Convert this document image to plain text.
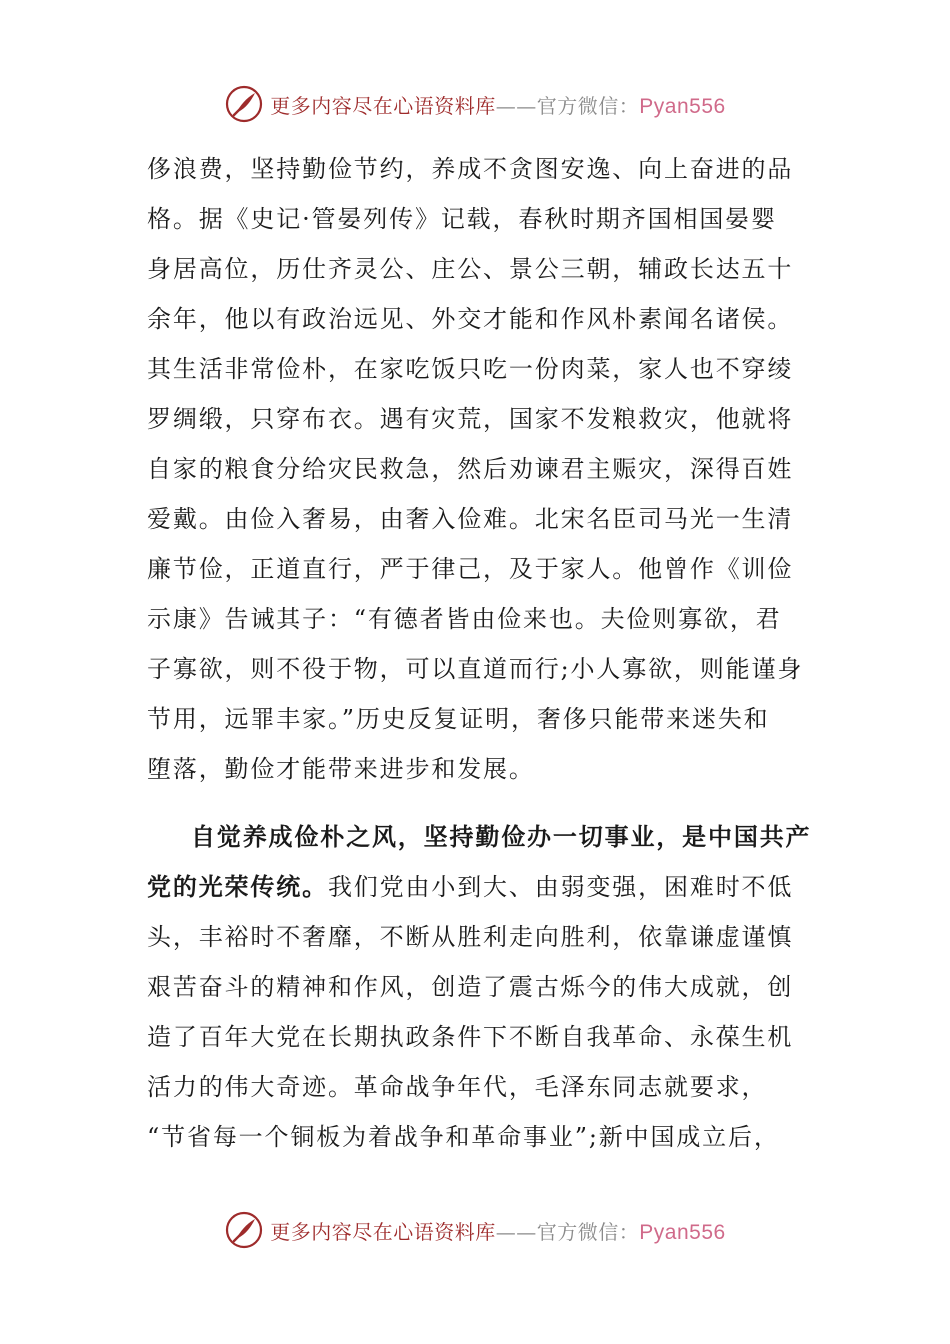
更多内容尽在心语资料库——官方微信：Pyan556

侈浪费，坚持勤俭节约，养成不贪图安逸、向上奋进的品
格。据《史记·管晏列传》记载，春秋时期齐国相国晏婴
身居高位，历仕齐灵公、庄公、景公三朝，辅政长达五十
余年，他以有政治远见、外交才能和作风朴素闻名诸侯。
其生活非常俭朴，在家吃饭只吃一份肉菜，家人也不穿绫
罗绸缎，只穿布衣。遇有灾荒，国家不发粮救灾，他就将
自家的粮食分给灾民救急，然后劝谏君主赈灾，深得百姓
爱戴。由俭入奢易，由奢入俭难。北宋名臣司马光一生清
廉节俭，正道直行，严于律己，及于家人。他曾作《训俭
示康》告诫其子：“有德者皆由俭来也。夫俭则寡欲，君
子寡欲，则不役于物，可以直道而行;小人寡欲，则能谨身
节用，远罪丰家。”历史反复证明，奢侈只能带来迷失和
堕落，勤俭才能带来进步和发展。

自觉养成俭朴之风，坚持勤俭办一切事业，是中国共产
党的光荣传统。我们党由小到大、由弱变强，困难时不低
头，丰裕时不奢靡，不断从胜利走向胜利，依靠谦虚谨慎
艰苦奋斗的精神和作风，创造了震古烁今的伟大成就，创
造了百年大党在长期执政条件下不断自我革命、永葆生机
活力的伟大奇迹。革命战争年代，毛泽东同志就要求，
“节省每一个铜板为着战争和革命事业”;新中国成立后，

更多内容尽在心语资料库——官方微信：Pyan556
